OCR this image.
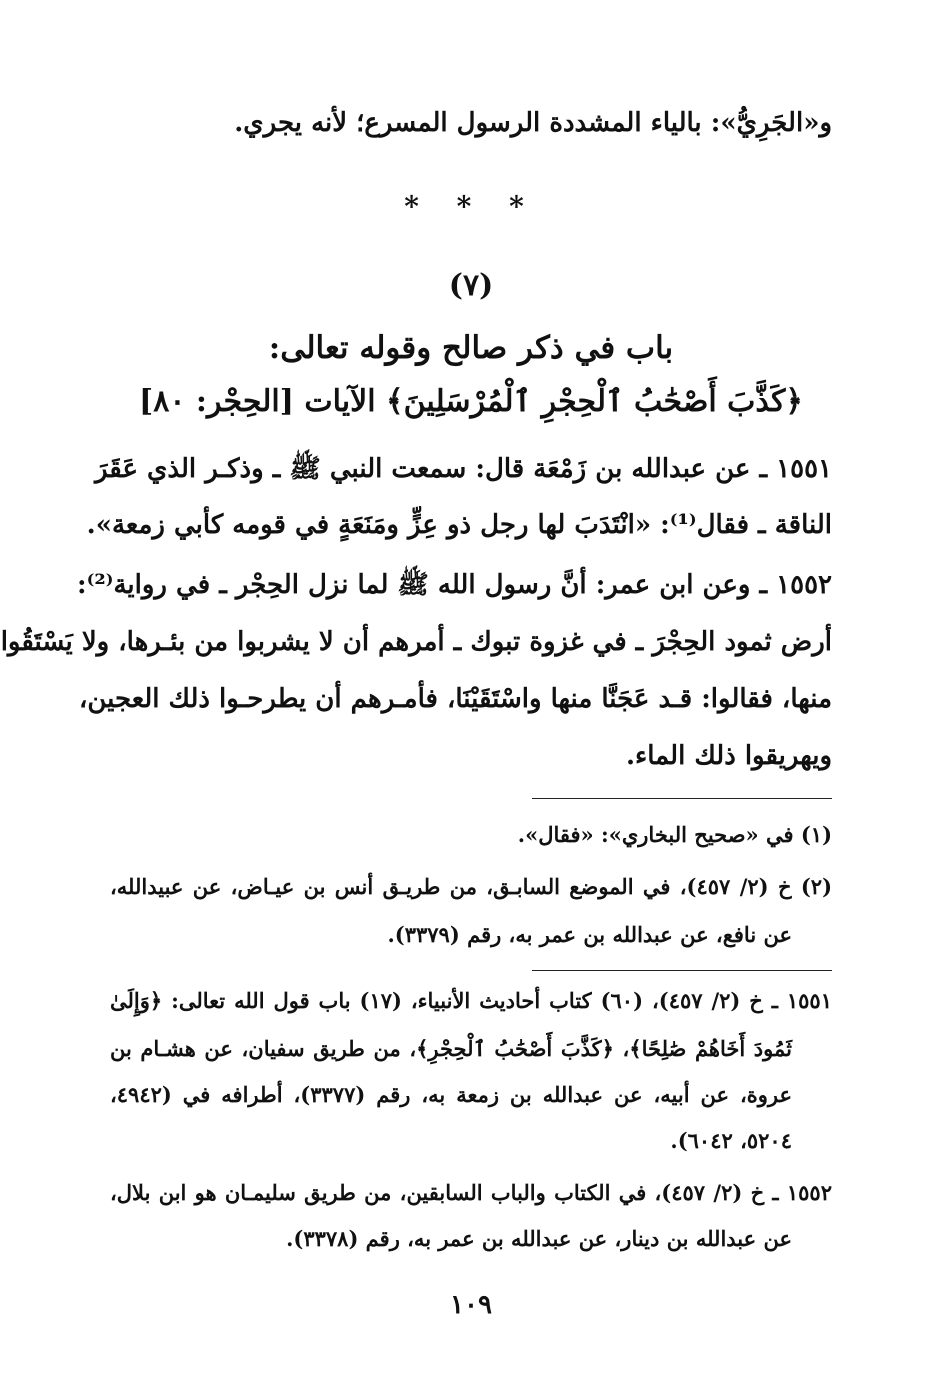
و«الجَرِيُّ»: بالياء المشددة الرسول المسرع؛ لأنه يجري.
* * *
(٧)
باب في ذكر صالح وقوله تعالى:
﴿كَذَّبَ أَصْحَٰبُ ٱلْحِجْرِ ٱلْمُرْسَلِينَ﴾ الآيات [الحِجْر: ٨٠]
١٥٥١ ـ عن عبدالله بن زَمْعَة قال: سمعت النبي ﷺ ـ وذكـر الذي عَقَرَ
الناقة ـ فقال⁽¹⁾: «انْتَدَبَ لها رجل ذو عِزٍّ ومَنَعَةٍ في قومه كأبي زمعة».
١٥٥٢ ـ وعن ابن عمر: أنَّ رسول الله ﷺ لما نزل الحِجْر ـ في رواية⁽²⁾:
أرض ثمود الحِجْرَ ـ في غزوة تبوك ـ أمرهم أن لا يشربوا من بئـرها، ولا يَسْتَقُوا
منها، فقالوا: قـد عَجَنَّا منها واسْتَقَيْنَا، فأمـرهم أن يطرحـوا ذلك العجين،
ويهريقوا ذلك الماء.
(١) في «صحيح البخاري»: «فقال».
(٢) خ (٢/ ٤٥٧)، في الموضع السابـق، من طريـق أنس بن عيـاض، عن عبيدالله،
عن نافع، عن عبدالله بن عمر به، رقم (٣٣٧٩).
١٥٥١ ـ خ (٢/ ٤٥٧)، (٦٠) كتاب أحاديث الأنبياء، (١٧) باب قول الله تعالى: ﴿وَإِلَىٰ
ثَمُودَ أَخَاهُمْ صَٰلِحًا﴾، ﴿كَذَّبَ أَصْحَٰبُ ٱلْحِجْرِ﴾، من طريق سفيان، عن هشـام بن
عروة، عن أبيه، عن عبدالله بن زمعة به، رقم (٣٣٧٧)، أطرافه في (٤٩٤٢،
٥٢٠٤، ٦٠٤٢).
١٥٥٢ ـ خ (٢/ ٤٥٧)، في الكتاب والباب السابقين، من طريق سليمـان هو ابن بلال،
عن عبدالله بن دينار، عن عبدالله بن عمر به، رقم (٣٣٧٨).
١٠٩
